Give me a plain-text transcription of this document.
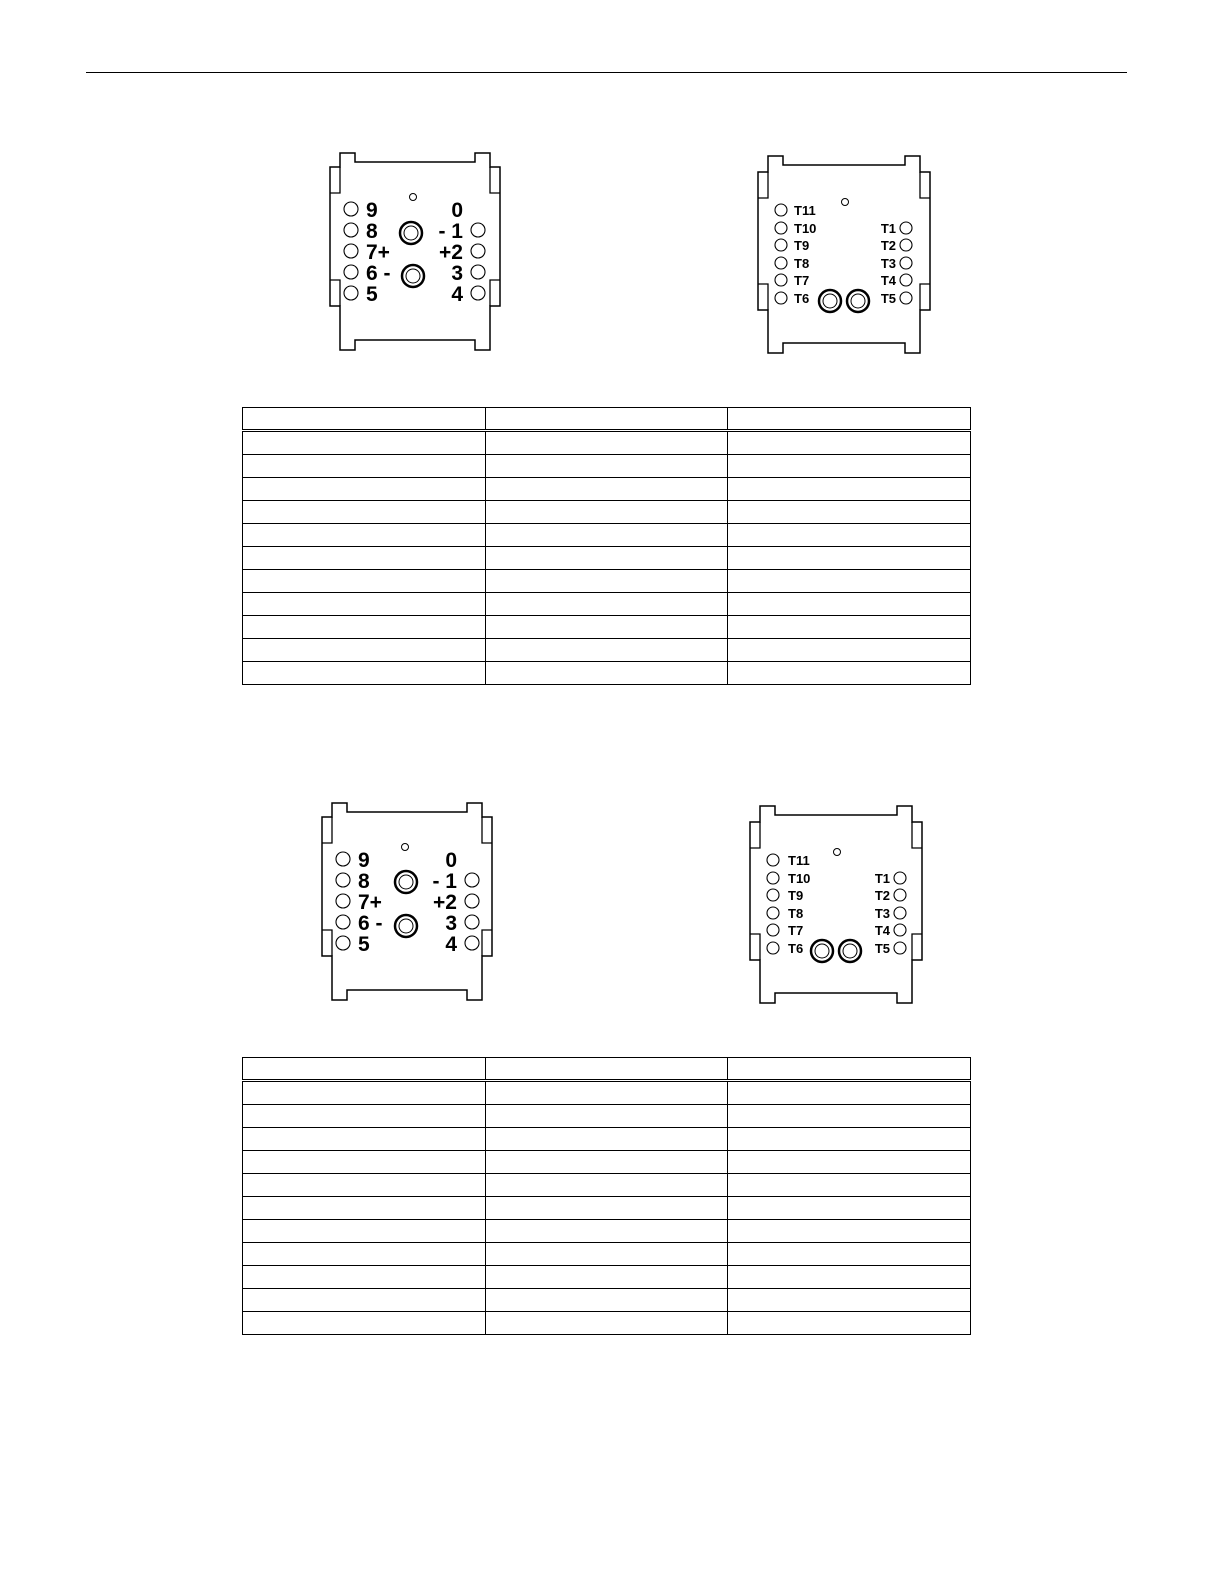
9
8
7+
6 -
5
0
- 1
+2
3
4
T11
T10
T9
T8
T7
T6
T1
T2
T3
T4
T5

9
8
7+
6 -
5
0
- 1
+2
3
4
T11
T10
T9
T8
T7
T6
T1
T2
T3
T4
T5
